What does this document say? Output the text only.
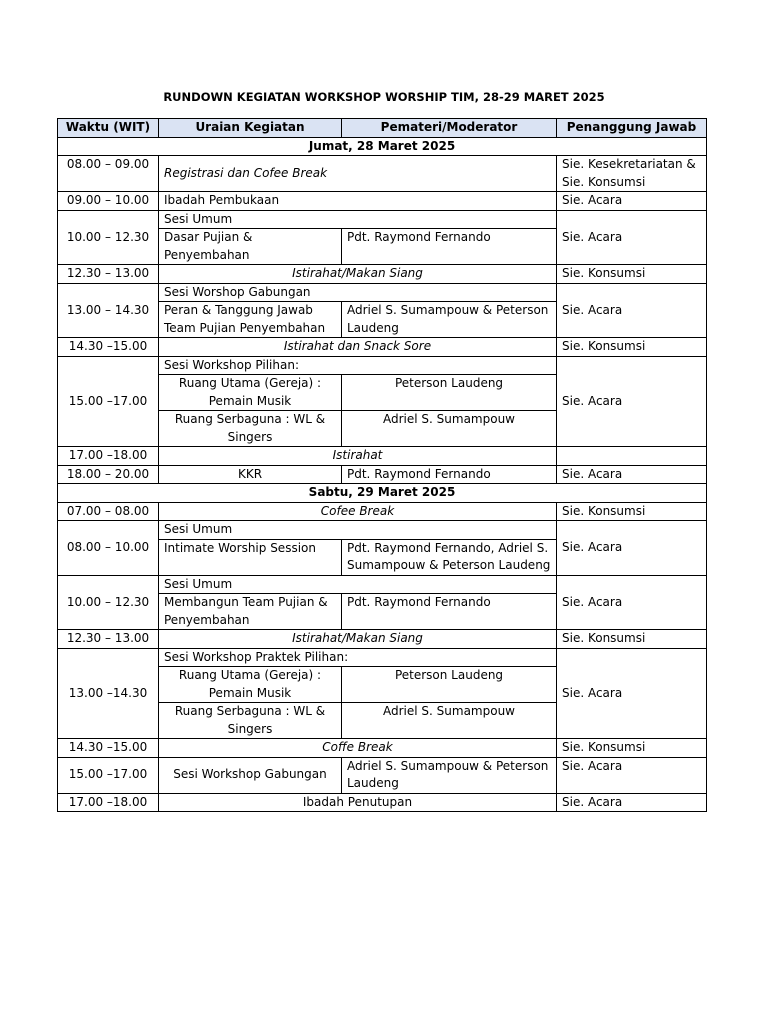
RUNDOWN KEGIATAN WORKSHOP WORSHIP TIM, 28-29 MARET 2025
Waktu (WIT)	Uraian Kegiatan	Pemateri/Moderator	Penanggung Jawab
Jumat, 28 Maret 2025			
08.00 – 09.00	Registrasi dan Cofee Break		Sie. Kesekretariatan & Sie. Konsumsi
09.00 – 10.00	Ibadah Pembukaan		Sie. Acara
10.00 – 12.30	Sesi Umum		Sie. Acara
	Dasar Pujian & Penyembahan	Pdt. Raymond Fernando	
12.30 – 13.00	Istirahat/Makan Siang		Sie. Konsumsi
13.00 – 14.30	Sesi Worshop Gabungan		Sie. Acara
	Peran & Tanggung Jawab Team Pujian Penyembahan	Adriel S. Sumampouw & Peterson Laudeng	
14.30 –15.00	Istirahat dan Snack Sore		Sie. Konsumsi
15.00 –17.00	Sesi Workshop Pilihan:		Sie. Acara
	Ruang Utama (Gereja) : Pemain Musik	Peterson Laudeng	
	Ruang Serbaguna : WL & Singers	Adriel S. Sumampouw	
17.00 –18.00	Istirahat		
18.00 – 20.00	KKR	Pdt. Raymond Fernando	Sie. Acara
Sabtu, 29 Maret 2025			
07.00 – 08.00	Cofee Break		Sie. Konsumsi
08.00 – 10.00	Sesi Umum		Sie. Acara
	Intimate Worship Session	Pdt. Raymond Fernando, Adriel S. Sumampouw & Peterson Laudeng	
10.00 – 12.30	Sesi Umum		Sie. Acara
	Membangun Team Pujian & Penyembahan	Pdt. Raymond Fernando	
12.30 – 13.00	Istirahat/Makan Siang		Sie. Konsumsi
13.00 –14.30	Sesi Workshop Praktek Pilihan:		Sie. Acara
	Ruang Utama (Gereja) : Pemain Musik	Peterson Laudeng	
	Ruang Serbaguna : WL & Singers	Adriel S. Sumampouw	
14.30 –15.00	Coffe Break		Sie. Konsumsi
15.00 –17.00	Sesi Workshop Gabungan	Adriel S. Sumampouw & Peterson Laudeng	Sie. Acara
17.00 –18.00	Ibadah Penutupan		Sie. Acara
